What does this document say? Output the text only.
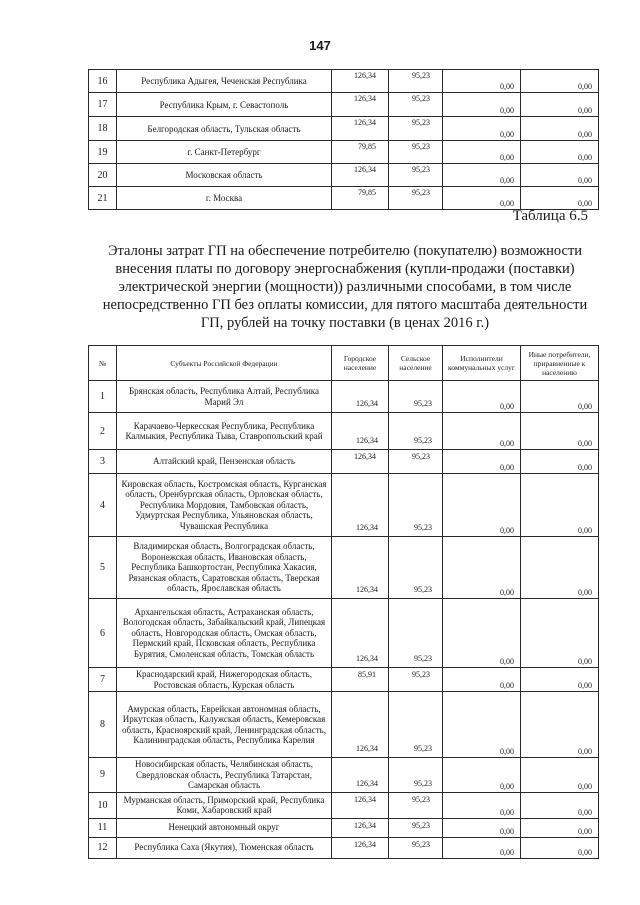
147
16	Республика Адыгея, Чеченская Республика	126,34	95,23	0,00	0,00
17	Республика Крым, г. Севастополь	126,34	95,23	0,00	0,00
18	Белгородская область, Тульская область	126,34	95,23	0,00	0,00
19	г. Санкт-Петербург	79,85	95,23	0,00	0,00
20	Московская область	126,34	95,23	0,00	0,00
21	г. Москва	79,85	95,23	0,00	0,00
Таблица 6.5
Эталоны затрат ГП на обеспечение потребителю (покупателю) возможности внесения платы по договору энергоснабжения (купли-продажи (поставки) электрической энергии (мощности)) различными способами, в том числе непосредственно ГП без оплаты комиссии, для пятого масштаба деятельности ГП, рублей на точку поставки (в ценах 2016 г.)
№	Субъекты Российской Федерации	Городское население	Сельское население	Исполнители коммунальных услуг	Иные потребители, приравненные к населению
1	Брянская область, Республика Алтай, Республика Марий Эл	126,34	95,23	0,00	0,00
2	Карачаево-Черкесская Республика, Республика Калмыкия, Республика Тыва, Ставропольский край	126,34	95,23	0,00	0,00
3	Алтайский край, Пензенская область	126,34	95,23	0,00	0,00
4	Кировская область, Костромская область, Курганская область, Оренбургская область, Орловская область, Республика Мордовия, Тамбовская область, Удмуртская Республика, Ульяновская область, Чувашская Республика	126,34	95,23	0,00	0,00
5	Владимирская область, Волгоградская область, Воронежская область, Ивановская область, Республика Башкортостан, Республика Хакасия, Рязанская область, Саратовская область, Тверская область, Ярославская область	126,34	95,23	0,00	0,00
6	Архангельская область, Астраханская область, Вологодская область, Забайкальский край, Липецкая область, Новгородская область, Омская область, Пермский край, Псковская область, Республика Бурятия, Смоленская область, Томская область	126,34	95,23	0,00	0,00
7	Краснодарский край, Нижегородская область, Ростовская область, Курская область	85,91	95,23	0,00	0,00
8	Амурская область, Еврейская автономная область, Иркутская область, Калужская область, Кемеровская область, Красноярский край, Ленинградская область, Калининградская область, Республика Карелия	126,34	95,23	0,00	0,00
9	Новосибирская область, Челябинская область, Свердловская область, Республика Татарстан, Самарская область	126,34	95,23	0,00	0,00
10	Мурманская область, Приморский край, Республика Коми, Хабаровский край	126,34	95,23	0,00	0,00
11	Ненецкий автономный округ	126,34	95,23	0,00	0,00
12	Республика Саха (Якутия), Тюменская область	126,34	95,23	0,00	0,00
